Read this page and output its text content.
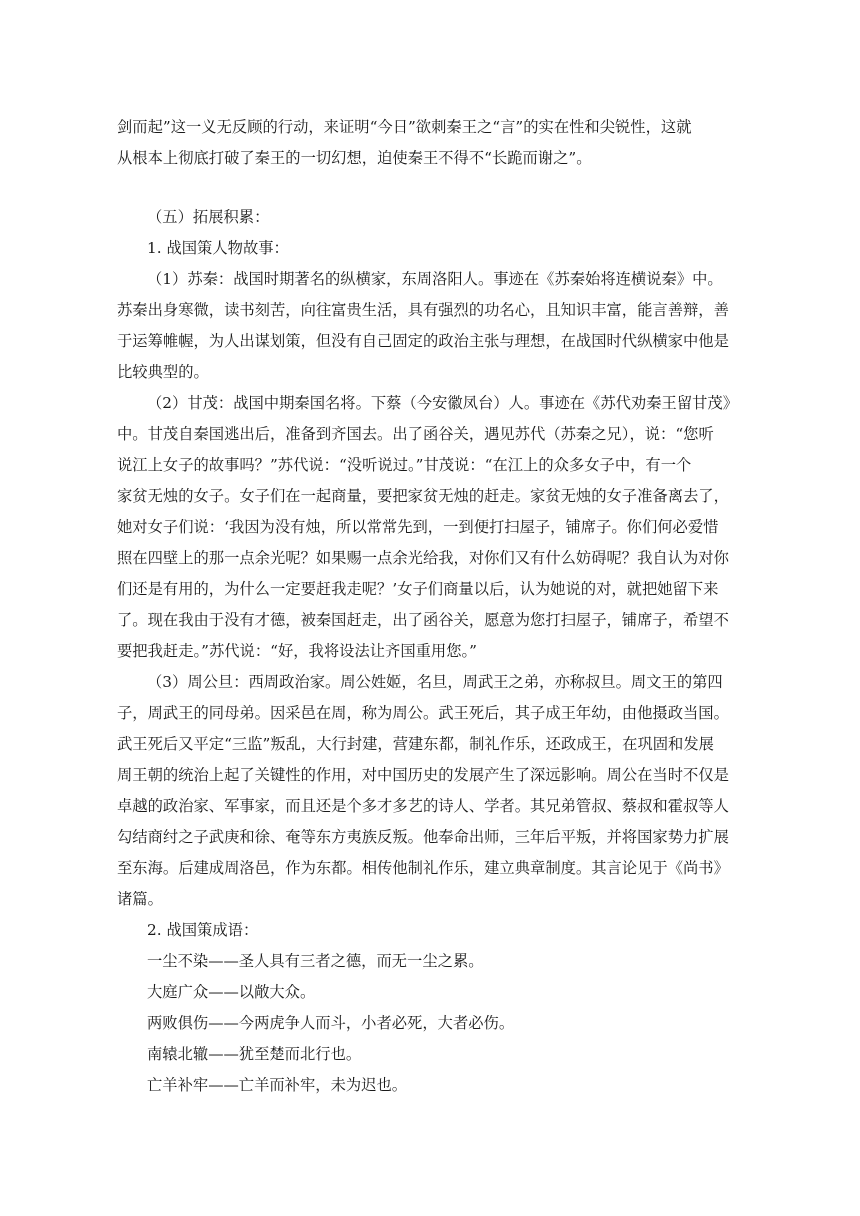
剑而起”这一义无反顾的行动，来证明“今日”欲刺秦王之“言”的实在性和尖锐性，这就
从根本上彻底打破了秦王的一切幻想，迫使秦王不得不“长跪而谢之”。
（五）拓展积累：
1. 战国策人物故事：
（1）苏秦：战国时期著名的纵横家，东周洛阳人。事迹在《苏秦始将连横说秦》中。
苏秦出身寒微，读书刻苦，向往富贵生活，具有强烈的功名心，且知识丰富，能言善辩，善
于运筹帷幄，为人出谋划策，但没有自己固定的政治主张与理想，在战国时代纵横家中他是
比较典型的。
（2）甘茂：战国中期秦国名将。下蔡（今安徽凤台）人。事迹在《苏代劝秦王留甘茂》
中。甘茂自秦国逃出后，准备到齐国去。出了函谷关，遇见苏代（苏秦之兄），说：“您听
说江上女子的故事吗？”苏代说：“没听说过。”甘茂说：“在江上的众多女子中，有一个
家贫无烛的女子。女子们在一起商量，要把家贫无烛的赶走。家贫无烛的女子准备离去了，
她对女子们说：‘我因为没有烛，所以常常先到，一到便打扫屋子，铺席子。你们何必爱惜
照在四壁上的那一点余光呢？如果赐一点余光给我，对你们又有什么妨碍呢？我自认为对你
们还是有用的，为什么一定要赶我走呢？’女子们商量以后，认为她说的对，就把她留下来
了。现在我由于没有才德，被秦国赶走，出了函谷关，愿意为您打扫屋子，铺席子，希望不
要把我赶走。”苏代说：“好，我将设法让齐国重用您。”
（3）周公旦：西周政治家。周公姓姬，名旦，周武王之弟，亦称叔旦。周文王的第四
子，周武王的同母弟。因采邑在周，称为周公。武王死后，其子成王年幼，由他摄政当国。
武王死后又平定“三监”叛乱，大行封建，营建东都，制礼作乐，还政成王，在巩固和发展
周王朝的统治上起了关键性的作用，对中国历史的发展产生了深远影响。周公在当时不仅是
卓越的政治家、军事家，而且还是个多才多艺的诗人、学者。其兄弟管叔、蔡叔和霍叔等人
勾结商纣之子武庚和徐、奄等东方夷族反叛。他奉命出师，三年后平叛，并将国家势力扩展
至东海。后建成周洛邑，作为东都。相传他制礼作乐，建立典章制度。其言论见于《尚书》
诸篇。
2. 战国策成语：
一尘不染——圣人具有三者之德，而无一尘之累。
大庭广众——以敞大众。
两败俱伤——今两虎争人而斗，小者必死，大者必伤。
南辕北辙——犹至楚而北行也。
亡羊补牢——亡羊而补牢，未为迟也。
